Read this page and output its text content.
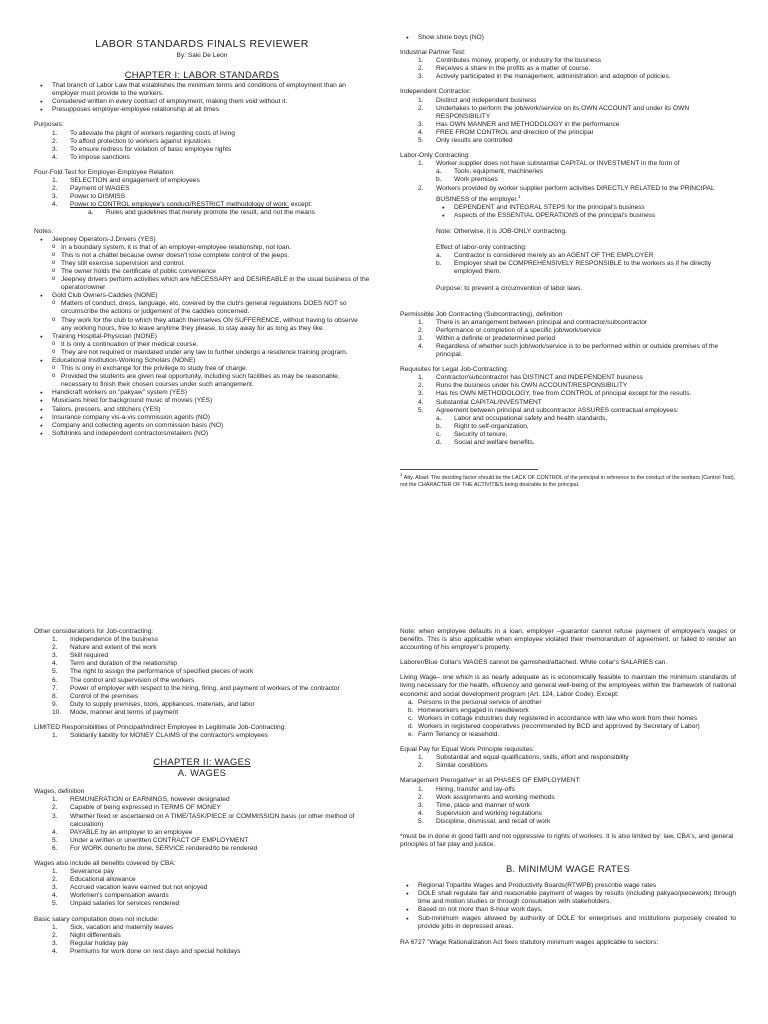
LABOR STANDARDS FINALS REVIEWER
By: Saki De Leon
CHAPTER I: LABOR STANDARDS
● That branch of Labor Law that establishes the minimum terms and conditions of employment than an employer must provide to the workers.
● Considered written in every contract of employment, making them void without it.
● Presupposes employer-employee relationship at all times
Purposes:
1. To alleviate the plight of workers regarding costs of living
2. To afford protection to workers against injustices
3. To ensure redress for violation of basic employee rights
4. To impose sanctions
Four-Fold Test for Employer-Employee Relation
1. SELECTION and engagement of employees
2. Payment of WAGES
3. Power to DISMISS
4. Power to CONTROL employee's conduct/RESTRICT methodology of work: except:
a. Rules and guidelines that merely promote the result, and not the means
Notes:
● Jeepney Operators-J.Drivers (YES)
o In a boundary system, it is that of an employer-employee relationship, not loan.
o This is not a chattel because owner doesn't lose complete control of the jeeps.
o They still exercise supervision and control.
o The owner holds the certificate of public convenience
o Jeepney drivers perform activities which are NECESSARY and DESIREABLE in the usual business of the operator/owner
● Gold Club Owners-Caddies (NONE)
o Matters of conduct, dress, language, etc. covered by the club's general regulations DOES NOT so circumscribe the actions or judgement of the caddies concerned.
o They work for the club to which they attach themselves ON SUFFERENCE, without having to observe any working hours, free to leave anytime they please, to stay away for as long as they like.
● Training Hospital-Physician (NONE)
o It is only a continuation of their medical course.
o They are not required or mandated under any law to further undergo a residence training program.
● Educational Institution-Working Scholars (NONE)
o This is only in exchange for the privilege to study free of charge.
o Provided the students are given real opportunity, including such facilities as may be reasonable, necessary to finish their chosen courses under such arrangement.
● Handicraft workers on "pakyaw" system (YES)
● Musicians hired for background music of movies (YES)
● Tailors, pressers, and stitchers (YES)
● Insurance company vis-a-vis commission agents (NO)
● Company and collecting agents on commission basis (NO)
● Softdrinks and independent contractors/retailers (NO)
● Show shine boys (NO)
Industrial Partner Test:
1. Contributes money, property, or industry for the business
2. Receives a share in the profits as a matter of course.
3. Actively participated in the management, administration and adoption of policies.
Independent Contractor:
1. Distinct and independent business
2. Undertakes to perform the job/work/service on its OWN ACCOUNT and under its OWN RESPONSIBILITY
3. Has OWN MANNER and METHODOLOGY in the performance
4. FREE FROM CONTROL and direction of the principal
5. Only results are controlled
Labor-Only Contracting:
1. Worker supplier does not have substantial CAPITAL or INVESTMENT in the form of
a. Tools, equipment, machineries
b. Work premises
2. Workers provided by worker supplier perform activities DIRECTLY RELATED to the PRINCIPAL BUSINESS of the employer.$^1$
● DEPENDENT and INTEGRAL STEPS for the principal's business
● Aspects of the ESSENTIAL OPERATIONS of the principal's business
Note: Otherwise, it is JOB-ONLY contracting.
Effect of labor-only contracting:
a. Contractor is considered merely as an AGENT OF THE EMPLOYER
b. Employer shall be COMPREHENSIVELY RESPONSIBLE to the workers as if he directly employed them.
Purpose: to prevent a circumvention of labor laws.
Permissible Job Contracting (Subcontracting), definition
1. There is an arrangement between principal and contractor/subcontractor
2. Performance or completion of a specific job/work/service
3. Within a definite or predetermined period
4. Regardless of whether such job/work/service is to be performed within or outside premises of the principal.
Requisites for Legal Job-Contracting:
1. Contractor/subcontractor has DISTINCT and INDEPENDENT business
2. Runs the business under his OWN ACCOUNT/RESPONSIBILITY
3. Has his OWN METHODOLOGY, free from CONTROL of principal except for the results.
4. Substantial CAPITAL/INVESTMENT
5. Agreement between principal and subcontractor ASSURES contractual employees:
a. Labor and occupational safety and health standards,
b. Right to self-organization,
c. Security of tenure,
d. Social and welfare benefits.
$^1$ Atty. Abad: The deciding factor should be the LACK OF CONTROL of the principal in reference to the conduct of the workers (Control Test), not the CHARACTER OF THE ACTIVITIES being desirable to the principal.
Other considerations for Job-contracting:
1. Independence of the business
2. Nature and extent of the work
3. Skill required
4. Term and duration of the relationship
5. The right to assign the performance of specified pieces of work
6. The control and supervision of the workers
7. Power of employer with respect to the hiring, firing, and payment of workers of the contractor
8. Control of the premises
9. Duty to supply premises, tools, appliances, materials, and labor
10. Mode, manner and terms of payment
LIMITED Responsibilities of Principal/Indirect Employee in Legitimate Job-Contracting:
1. Solidarily liability for MONEY CLAIMS of the contractor's employees
CHAPTER II: WAGES
A. WAGES
Wages, definition
1. REMUNERATION or EARNINGS, however designated
2. Capable of being expressed in TERMS OF MONEY
3. Whether fixed or ascertained on A TIME/TASK/PIECE or COMMISSION basis (or other method of calculation)
4. PAYABLE by an employer to an employee
5. Under a written or unwritten CONTRACT OF EMPLOYMENT
6. For WORK done/to be done, SERVICE rendered/to be rendered
Wages also include all benefits covered by CBA:
1. Severance pay
2. Educational allowance
3. Accrued vacation leave earned but not enjoyed
4. Workmen's compensation awards
5. Unpaid salaries for services rendered
Basic salary computation does not include:
1. Sick, vacation and maternity leaves
2. Night differentials
3. Regular holiday pay
4. Premiums for work done on rest days and special holidays
Note: when employee defaults in a loan, employer –guarantor cannot refuse payment of employee's wages or benefits. This is also applicable when employee violated their memorandum of agreement, or failed to render an accounting of his employer's property.
Laborer/Blue Collar's WAGES cannot be garnished/attached. White collar's SALARIES can.
Living Wage– one which is as nearly adequate as is economically feasible to maintain the minimum standards of living necessary for the health, efficiency and general well-being of the employees within the framework of national economic and social development program (Art. 124, Labor Code). Except:
a. Persons in the personal service of another
b. Homeworkers engaged in needlework
c. Workers in cottage industries duly registered in accordance with law who work from their homes
d. Workers in registered cooperatives (recommended by BCD and approved by Secretary of Labor)
e. Farm Tenancy or leasehold.
Equal Pay for Equal Work Principle requisites:
1. Substantial and equal qualifications, skills, effort and responsibility
2. Similar conditions
Management Prerogative* in all PHASES OF EMPLOYMENT:
1. Hiring, transfer and lay-offs
2. Work assignments and working methods
3. Time, place and manner of work
4. Supervision and working regulations
5. Discipline, dismissal, and recall of work
*must be in done in good faith and not oppressive to rights of workers. It is also limited by: law, CBA's, and general principles of fair play and justice.
B. MINIMUM WAGE RATES
● Regional Tripartite Wages and Productivity Boards(RTWPB) prescribe wage rates
● DOLE shall regulate fair and reasonable payment of wages by results (including pakyao/piecework) through time and motion studies or through consultation with stakeholders.
● Based on not more than 8-hour work days.
● Sub-minimum wages allowed by authority of DOLE for enterprises and institutions purposely created to provide jobs in depressed areas.
RA 6727 "Wage Rationalization Act fixes statutory minimum wages applicable to sectors:
